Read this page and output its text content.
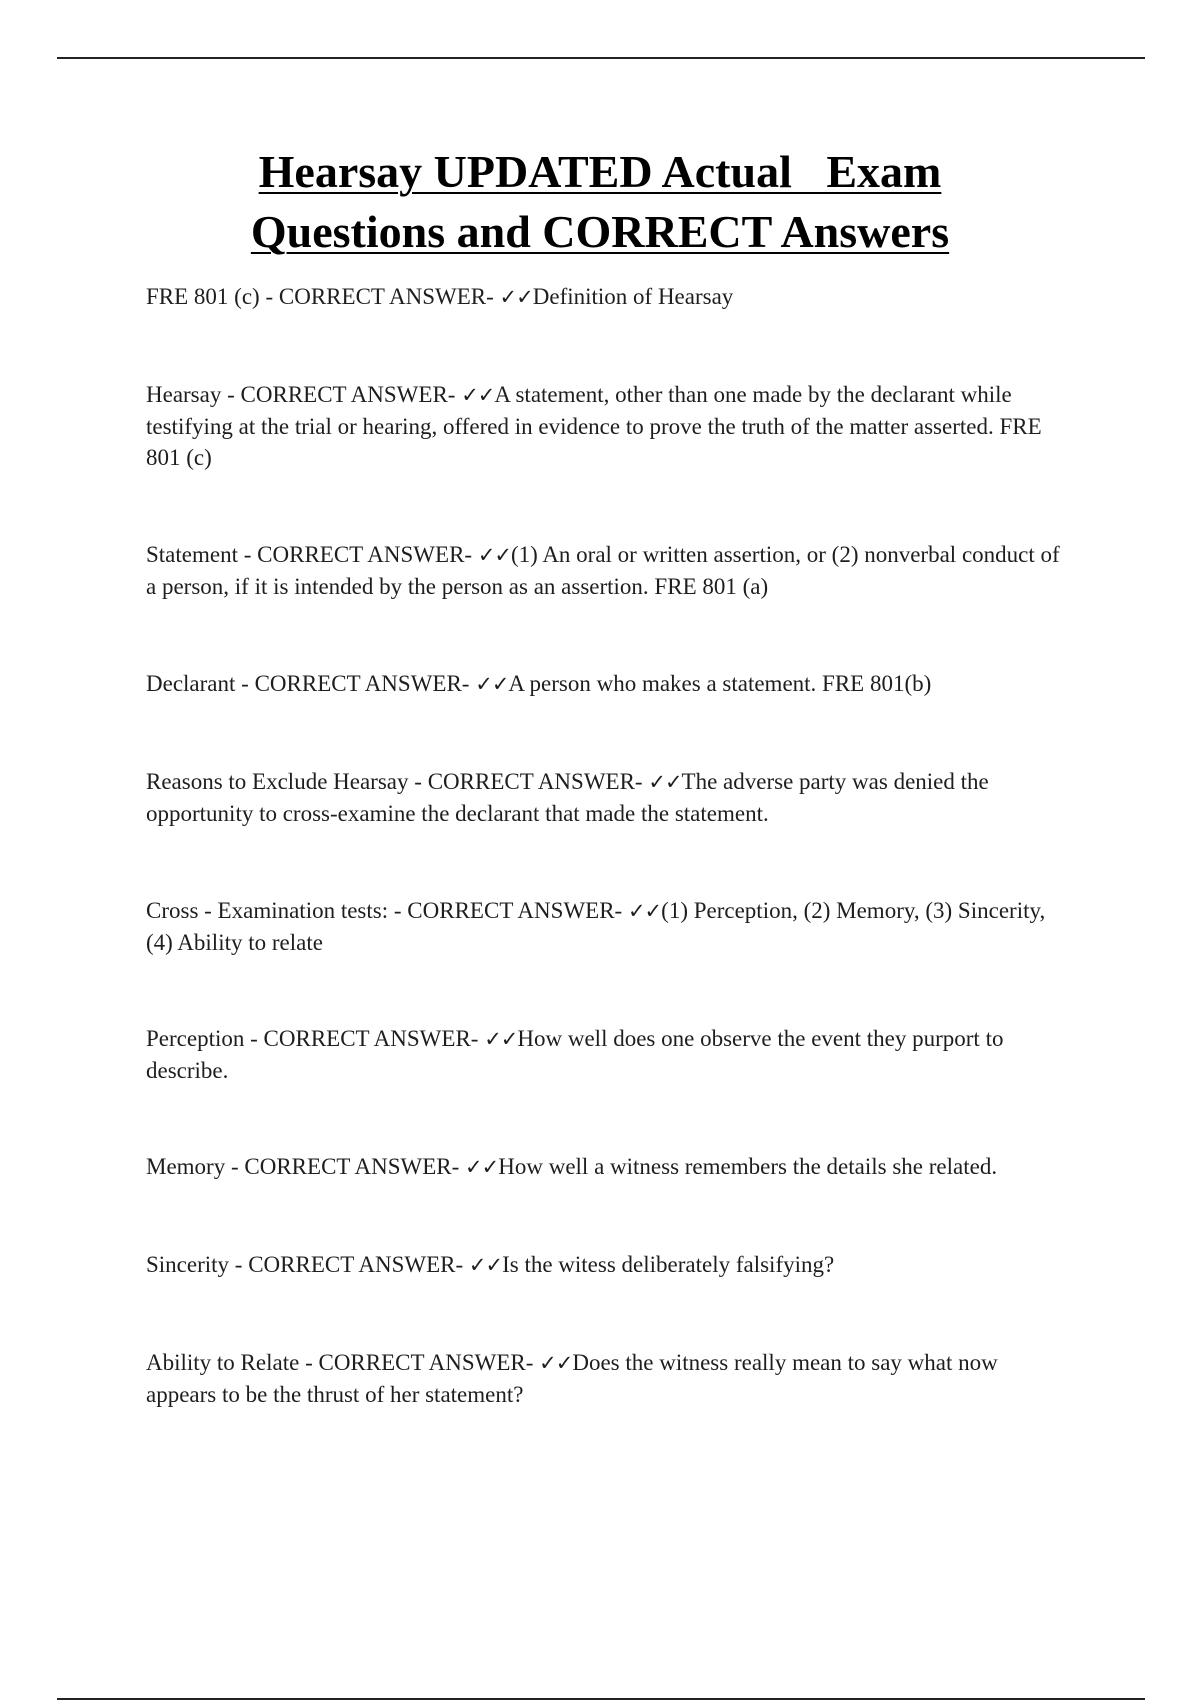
Hearsay UPDATED Actual   Exam
Questions and CORRECT Answers
FRE 801 (c) - CORRECT ANSWER- ✓✓Definition of Hearsay
Hearsay - CORRECT ANSWER- ✓✓A statement, other than one made by the declarant while testifying at the trial or hearing, offered in evidence to prove the truth of the matter asserted. FRE 801 (c)
Statement - CORRECT ANSWER- ✓✓(1) An oral or written assertion, or (2) nonverbal conduct of a person, if it is intended by the person as an assertion. FRE 801 (a)
Declarant - CORRECT ANSWER- ✓✓A person who makes a statement. FRE 801(b)
Reasons to Exclude Hearsay - CORRECT ANSWER- ✓✓The adverse party was denied the opportunity to cross-examine the declarant that made the statement.
Cross - Examination tests: - CORRECT ANSWER- ✓✓(1) Perception, (2) Memory, (3) Sincerity, (4) Ability to relate
Perception - CORRECT ANSWER- ✓✓How well does one observe the event they purport to describe.
Memory - CORRECT ANSWER- ✓✓How well a witness remembers the details she related.
Sincerity - CORRECT ANSWER- ✓✓Is the witess deliberately falsifying?
Ability to Relate - CORRECT ANSWER- ✓✓Does the witness really mean to say what now appears to be the thrust of her statement?
